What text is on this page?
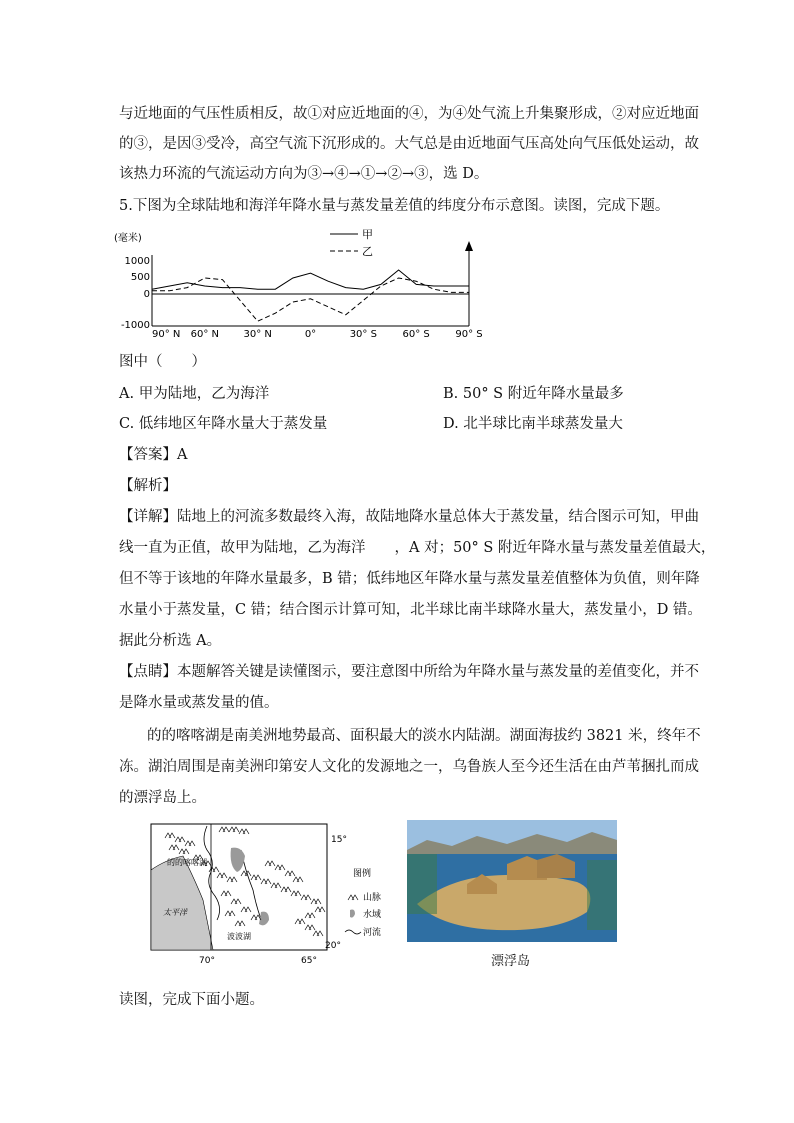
与近地面的气压性质相反，故①对应近地面的④，为④处气流上升集聚形成，②对应近地面
的③，是因③受冷，高空气流下沉形成的。大气总是由近地面气压高处向气压低处运动，故
该热力环流的气流运动方向为③→④→①→②→③，选 D。
5.下图为全球陆地和海洋年降水量与蒸发量差值的纬度分布示意图。读图，完成下题。
(毫米)	甲
乙
1000
500
0
-1000
90° N 60° N 30° N	0°	30° S	60° S	90° S
图中（　　）
A. 甲为陆地，乙为海洋	B. 50° S 附近年降水量最多
C. 低纬地区年降水量大于蒸发量	D. 北半球比南半球蒸发量大
【答案】A
【解析】
【详解】陆地上的河流多数最终入海，故陆地降水量总体大于蒸发量，结合图示可知，甲曲
线一直为正值，故甲为陆地，乙为海洋　　，A 对；50° S 附近年降水量与蒸发量差值最大，
但不等于该地的年降水量最多，B 错；低纬地区年降水量与蒸发量差值整体为负值，则年降
水量小于蒸发量，C 错；结合图示计算可知，北半球比南半球降水量大，蒸发量小，D 错。
据此分析选 A。
【点睛】本题解答关键是读懂图示，要注意图中所给为年降水量与蒸发量的差值变化，并不
是降水量或蒸发量的值。
的的喀喀湖是南美洲地势最高、面积最大的淡水内陆湖。湖面海拔约 3821 米，终年不
冻。湖泊周围是南美洲印第安人文化的发源地之一，乌鲁族人至今还生活在由芦苇捆扎而成
的漂浮岛上。
太平洋
的的喀喀湖
波波湖
15°
20°
70°	65°
图例
山脉
水域
河流
漂浮岛
读图，完成下面小题。
